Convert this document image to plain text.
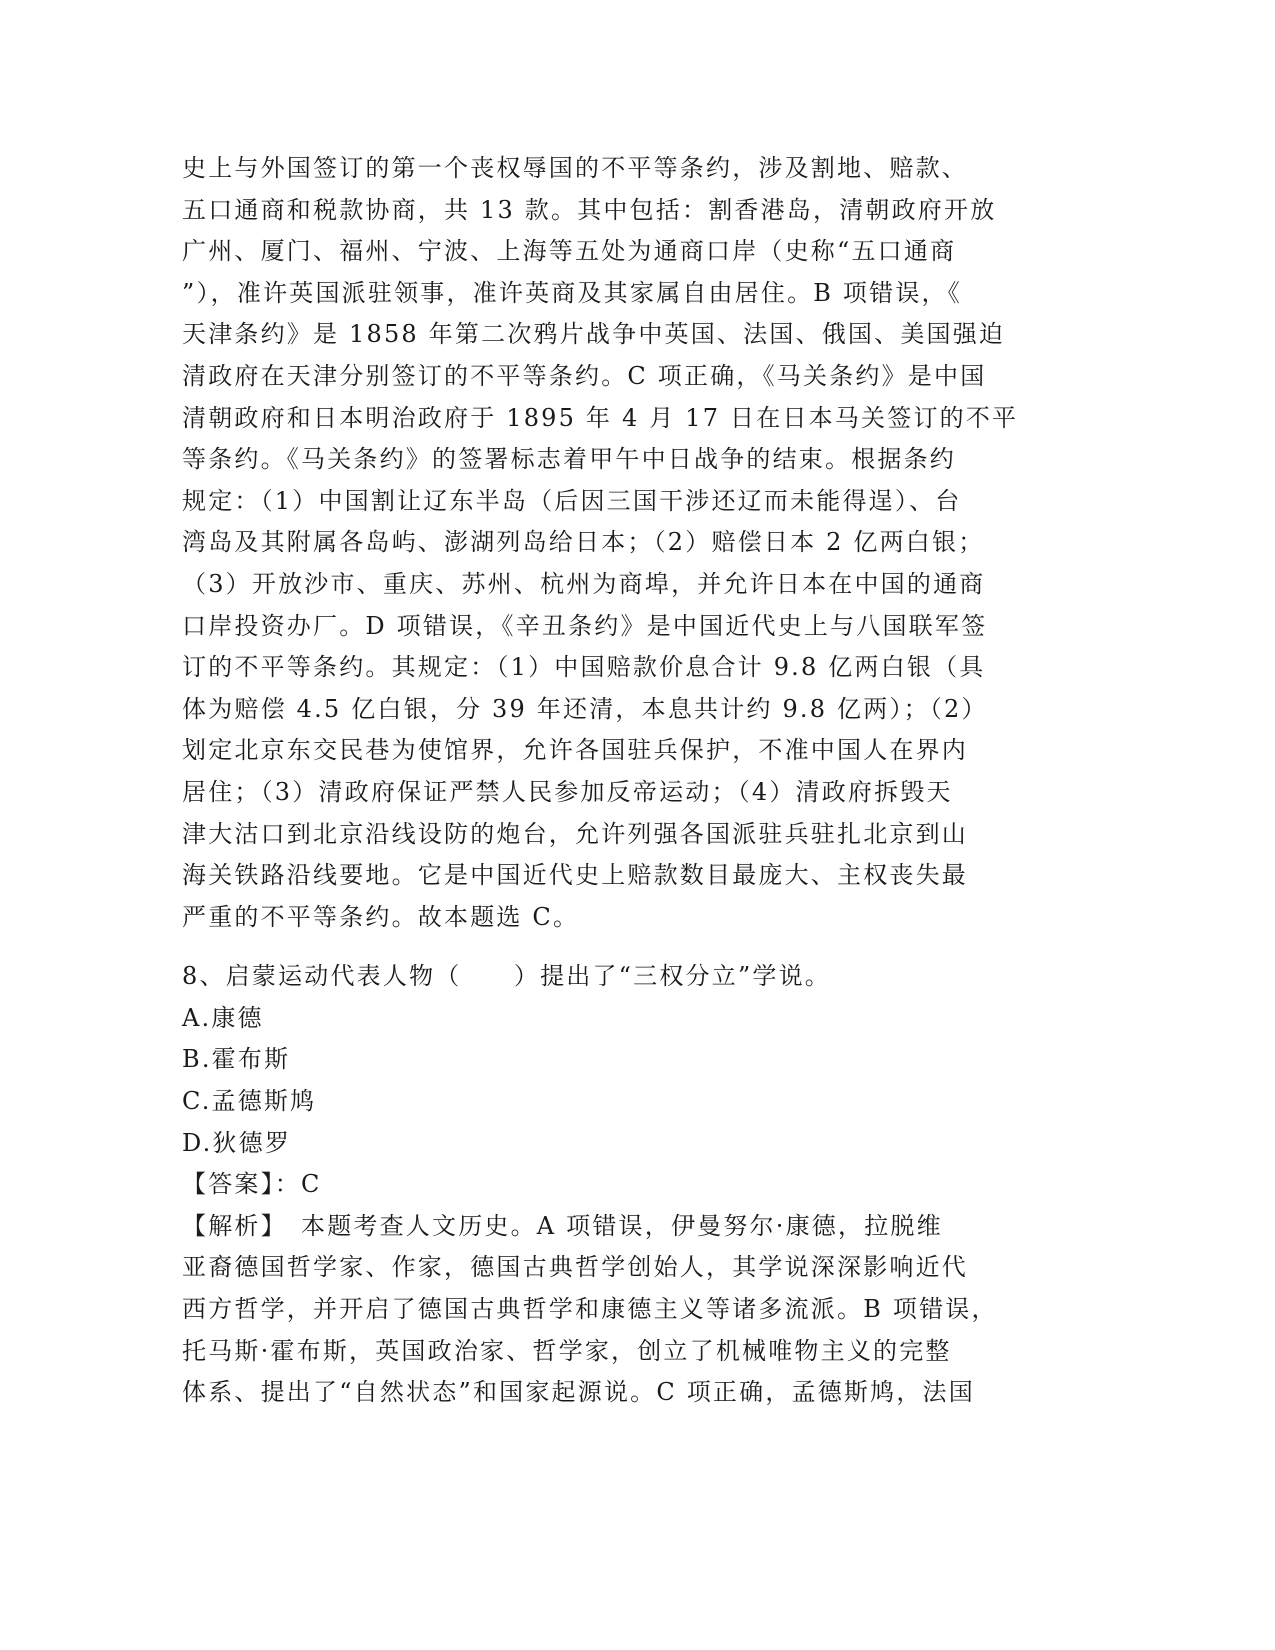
史上与外国签订的第一个丧权辱国的不平等条约，涉及割地、赔款、
五口通商和税款协商，共 13 款。其中包括：割香港岛，清朝政府开放
广州、厦门、福州、宁波、上海等五处为通商口岸（史称“五口通商
”），准许英国派驻领事，准许英商及其家属自由居住。B 项错误，《
天津条约》是 1858 年第二次鸦片战争中英国、法国、俄国、美国强迫
清政府在天津分别签订的不平等条约。C 项正确，《马关条约》是中国
清朝政府和日本明治政府于 1895 年 4 月 17 日在日本马关签订的不平
等条约。《马关条约》的签署标志着甲午中日战争的结束。根据条约
规定：（1）中国割让辽东半岛（后因三国干涉还辽而未能得逞）、台
湾岛及其附属各岛屿、澎湖列岛给日本；（2）赔偿日本 2 亿两白银；
（3）开放沙市、重庆、苏州、杭州为商埠，并允许日本在中国的通商
口岸投资办厂。D 项错误，《辛丑条约》是中国近代史上与八国联军签
订的不平等条约。其规定：（1）中国赔款价息合计 9.8 亿两白银（具
体为赔偿 4.5 亿白银，分 39 年还清，本息共计约 9.8 亿两）；（2）
划定北京东交民巷为使馆界，允许各国驻兵保护，不准中国人在界内
居住；（3）清政府保证严禁人民参加反帝运动；（4）清政府拆毁天
津大沽口到北京沿线设防的炮台，允许列强各国派驻兵驻扎北京到山
海关铁路沿线要地。它是中国近代史上赔款数目最庞大、主权丧失最
严重的不平等条约。故本题选 C。
8、启蒙运动代表人物（　　）提出了“三权分立”学说。
A.康德
B.霍布斯
C.孟德斯鸠
D.狄德罗
【答案】：C
【解析】　本题考查人文历史。A 项错误，伊曼努尔·康德，拉脱维
亚裔德国哲学家、作家，德国古典哲学创始人，其学说深深影响近代
西方哲学，并开启了德国古典哲学和康德主义等诸多流派。B 项错误，
托马斯·霍布斯，英国政治家、哲学家，创立了机械唯物主义的完整
体系、提出了“自然状态”和国家起源说。C 项正确，孟德斯鸠，法国
